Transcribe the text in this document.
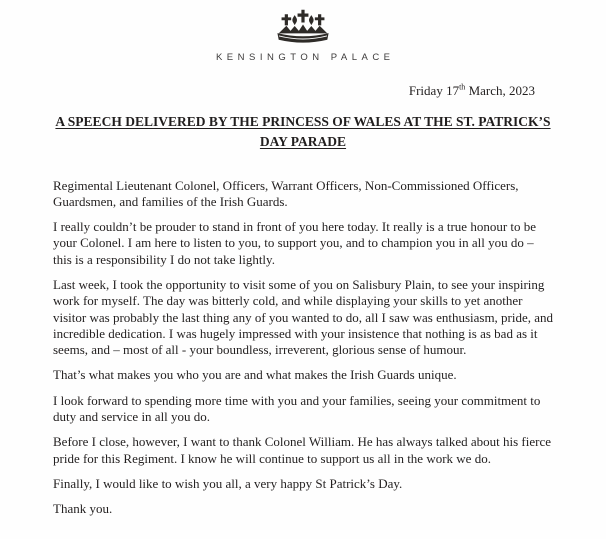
KENSINGTON PALACE
Friday 17th March, 2023
A SPEECH DELIVERED BY THE PRINCESS OF WALES AT THE ST. PATRICK’S DAY PARADE

Regimental Lieutenant Colonel, Officers, Warrant Officers, Non-Commissioned Officers, Guardsmen, and families of the Irish Guards.

I really couldn’t be prouder to stand in front of you here today. It really is a true honour to be your Colonel. I am here to listen to you, to support you, and to champion you in all you do – this is a responsibility I do not take lightly.

Last week, I took the opportunity to visit some of you on Salisbury Plain, to see your inspiring work for myself. The day was bitterly cold, and while displaying your skills to yet another visitor was probably the last thing any of you wanted to do, all I saw was enthusiasm, pride, and incredible dedication. I was hugely impressed with your insistence that nothing is as bad as it seems, and – most of all - your boundless, irreverent, glorious sense of humour.

That’s what makes you who you are and what makes the Irish Guards unique.

I look forward to spending more time with you and your families, seeing your commitment to duty and service in all you do.

Before I close, however, I want to thank Colonel William. He has always talked about his fierce pride for this Regiment. I know he will continue to support us all in the work we do.

Finally, I would like to wish you all, a very happy St Patrick’s Day.

Thank you.
